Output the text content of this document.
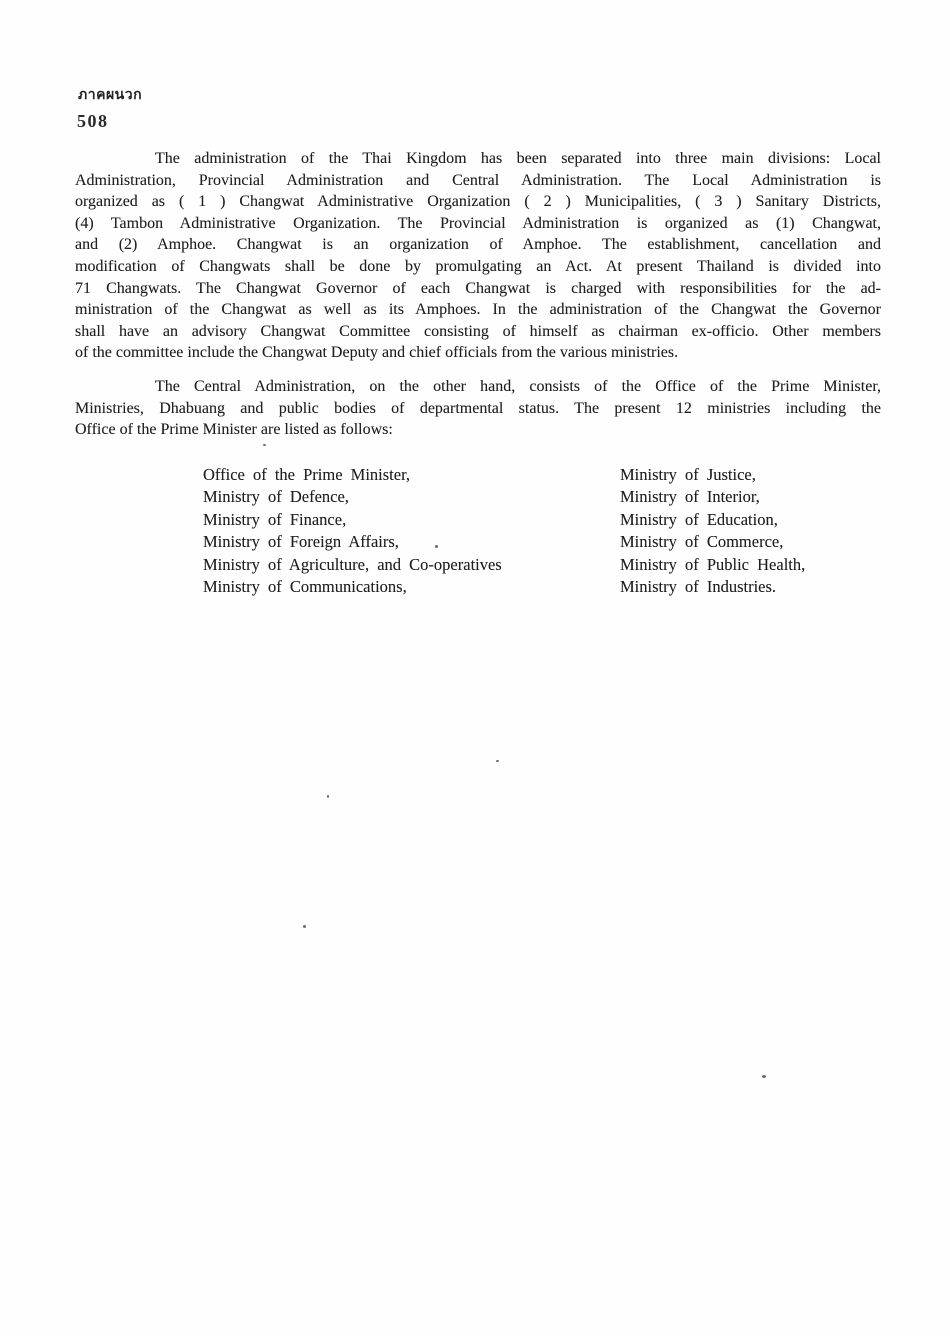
ภาคผนวก
508
The administration of the Thai Kingdom has been separated into three main divisions: Local
Administration, Provincial Administration and Central Administration. The Local Administration is
organized as ( 1 ) Changwat Administrative Organization ( 2 ) Municipalities, ( 3 ) Sanitary Districts,
(4) Tambon Administrative Organization. The Provincial Administration is organized as (1) Changwat,
and (2) Amphoe. Changwat is an organization of Amphoe. The establishment, cancellation and
modification of Changwats shall be done by promulgating an Act. At present Thailand is divided into
71 Changwats. The Changwat Governor of each Changwat is charged with responsibilities for the ad-
ministration of the Changwat as well as its Amphoes. In the administration of the Changwat the Governor
shall have an advisory Changwat Committee consisting of himself as chairman ex-officio. Other members
of the committee include the Changwat Deputy and chief officials from the various ministries.
The Central Administration, on the other hand, consists of the Office of the Prime Minister,
Ministries, Dhabuang and public bodies of departmental status. The present 12 ministries including the
Office of the Prime Minister are listed as follows:
Office of the Prime Minister,
Ministry of Defence,
Ministry of Finance,
Ministry of Foreign Affairs,
Ministry of Agriculture, and Co-operatives
Ministry of Communications,
Ministry of Justice,
Ministry of Interior,
Ministry of Education,
Ministry of Commerce,
Ministry of Public Health,
Ministry of Industries.
